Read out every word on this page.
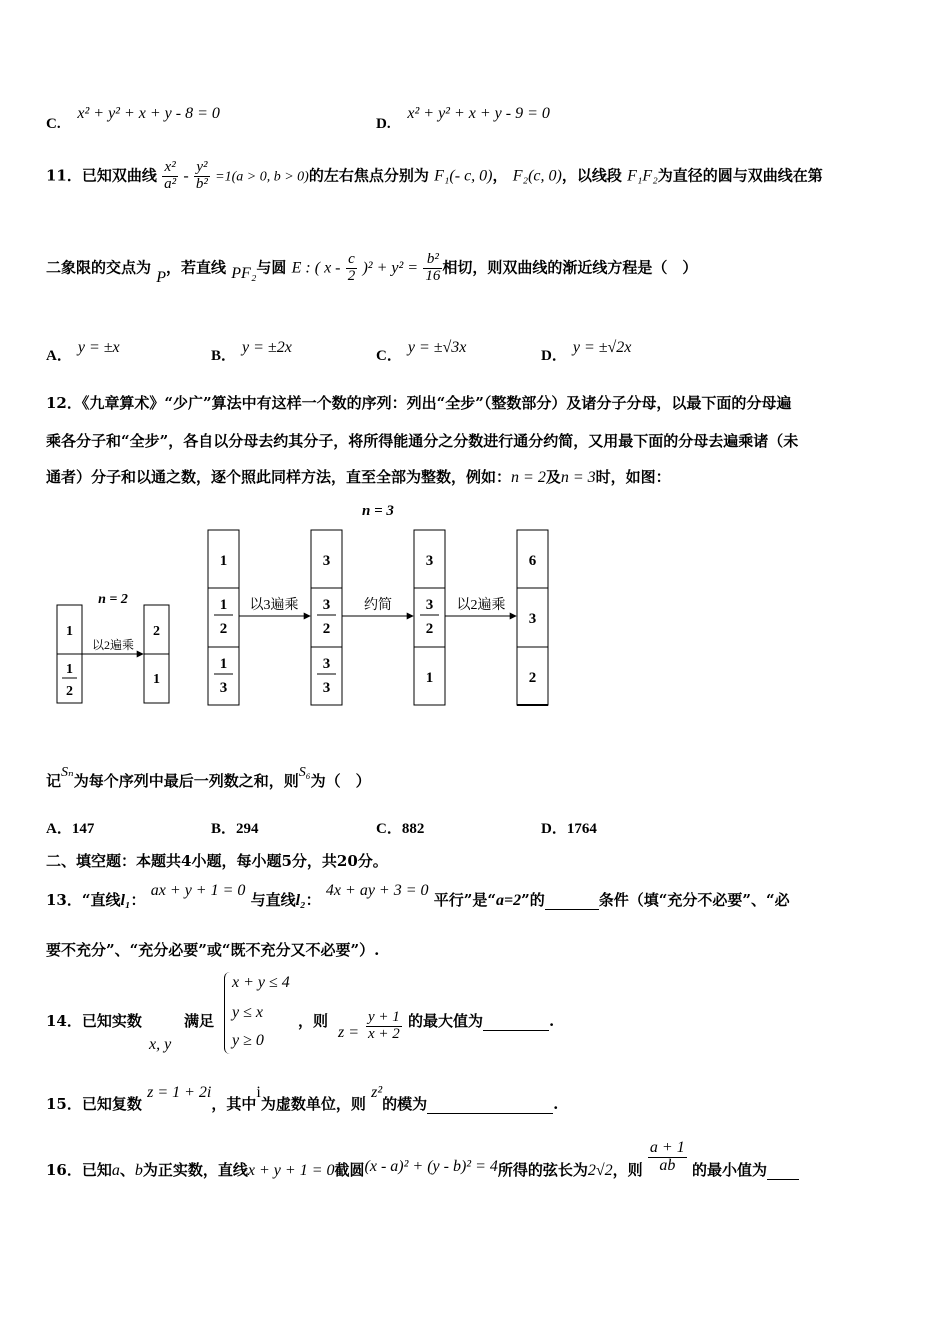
C. x² + y² + x + y - 8 = 0
D. x² + y² + x + y - 9 = 0
11．已知双曲线 $\frac{\text{x²}}{\text{a²}} - \frac{\text{y²}}{\text{b²}} =1(a > 0$, b > 0)的左右焦点分别为 F₁(- c, 0)， F₂(c, 0)，以线段 F₁F₂为直径的圆与双曲线在第
二象限的交点为 P，若直线 PF₂与圆 E : ( $x - \frac{c}{2} )^2 + y^2 = \frac{\text{b²}}{16}$ 相切，则双曲线的渐近线方程是（　）
A． y = ±x	B． y = ±2x	C． y = ±√3x	D． y = ±√2x
12．《九章算术》“少广”算法中有这样一个数的序列：列出“全步”（整数部分）及诸分子分母，以最下面的分母遍
乘各分子和“全步”，各自以分母去约其分子，将所得能通分之分数进行通分约简，又用最下面的分母去遍乘诸（未
通者）分子和以通之数，逐个照此同样方法，直至全部为整数，例如：n = 2及n = 3时，如图：
n = 3
n = 2
1
1
2
以2遍乘
2
1
1
1
2
1
3
以3遍乘
3
3
2
3
3
约简
3
3
2
1
以2遍乘
6
3
2
记Sₙ为每个序列中最后一列数之和，则S₆为（　）
A．147	B．294	C．882	D．1764
二、填空题：本题共4小题，每小题5分，共20分。
13．“直线l₁： ax + y + 1 = 0 与直线l₂： 4x + ay + 3 = 0 平行”是“a=2”的	条件（填“充分不必要”、“必
要不充分”、“充分必要”或“既不充分又不必要”）.
14．已知实数	满足
x, y
x + y ≤ 4
y ≤ x
y ≥ 0
，则
$z = \frac{y + 1}{x + 2}$ 的最大值为	.
15．已知复数 z = 1 + 2i，其中i为虚数单位，则 z²的模为	.
16．已知a、b为正实数，直线x + y + 1 = 0截圆(x - a)² + (y - b)² = 4所得的弦长为2√2，则 $\frac{a + 1}{ab}$ 的最小值为
